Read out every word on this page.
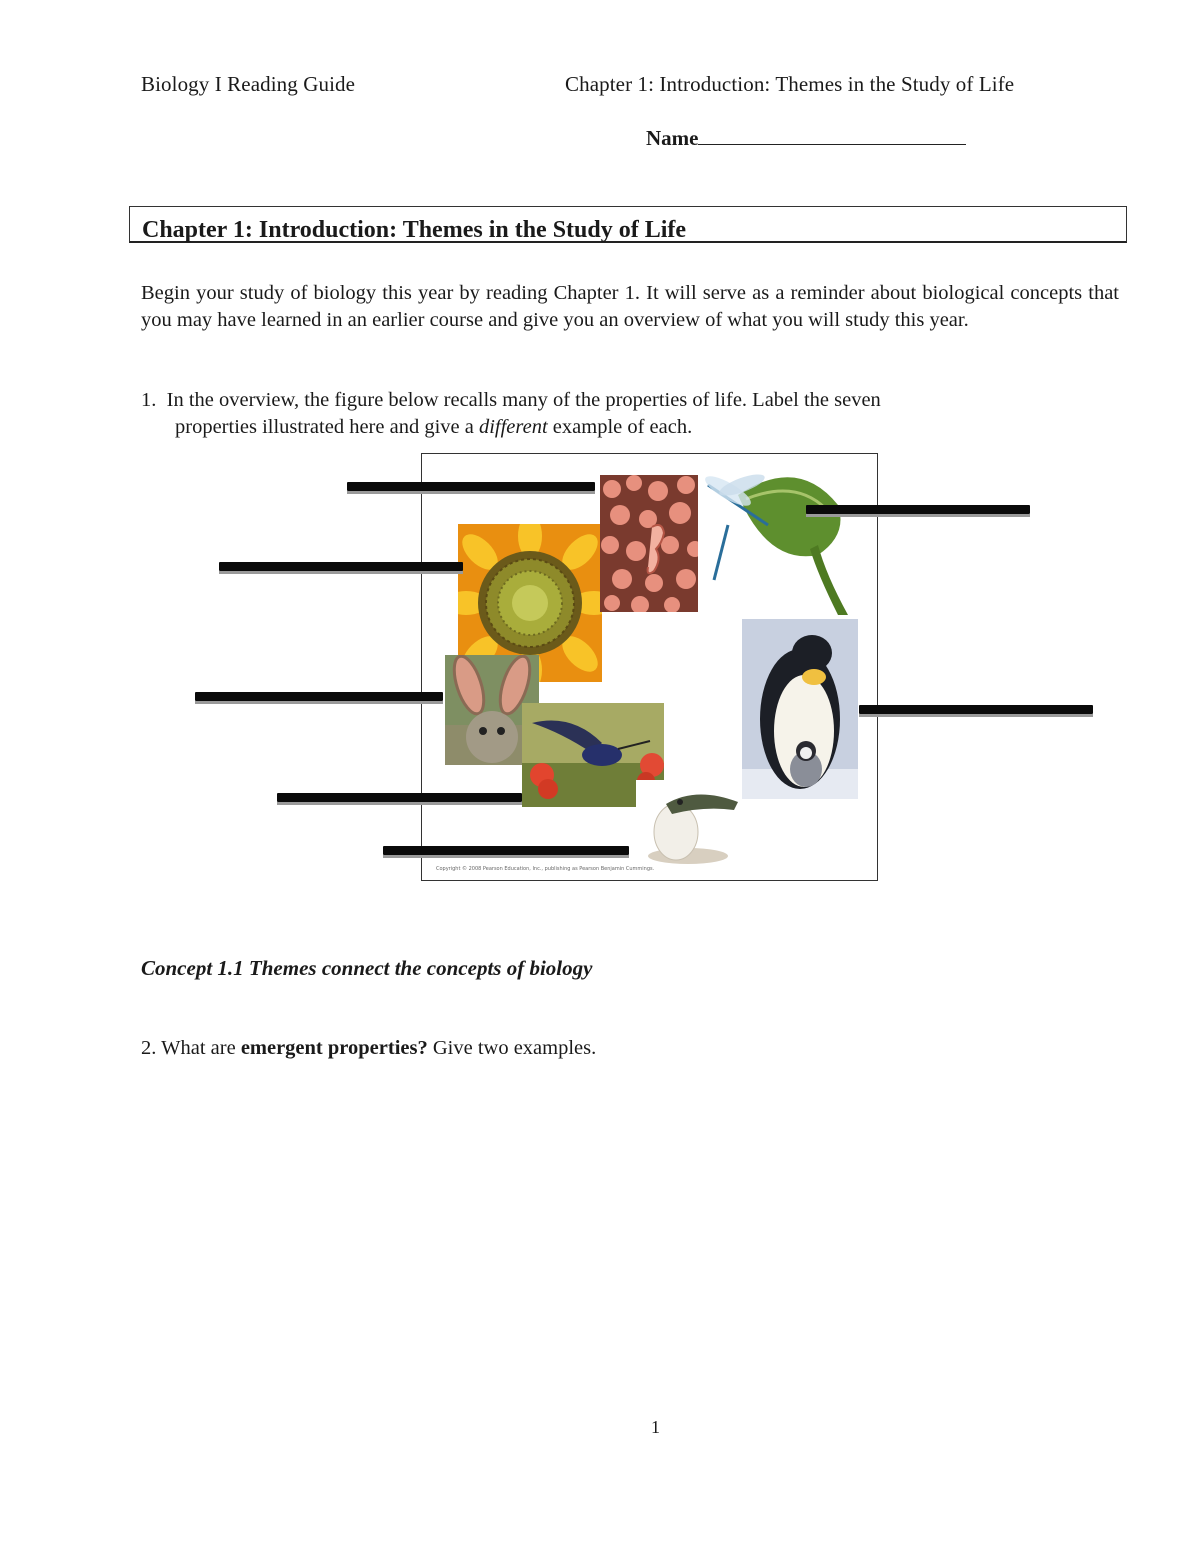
Biology I Reading Guide	Chapter 1: Introduction: Themes in the Study of Life
Name
Chapter 1: Introduction: Themes in the Study of Life
Begin your study of biology this year by reading Chapter 1. It will serve as a reminder about biological concepts that you may have learned in an earlier course and give you an overview of what you will study this year.
1. In the overview, the figure below recalls many of the properties of life. Label the seven
properties illustrated here and give a different example of each.
Copyright © 2008 Pearson Education, Inc., publishing as Pearson Benjamin Cummings.
Concept 1.1 Themes connect the concepts of biology
2. What are emergent properties? Give two examples.
1
